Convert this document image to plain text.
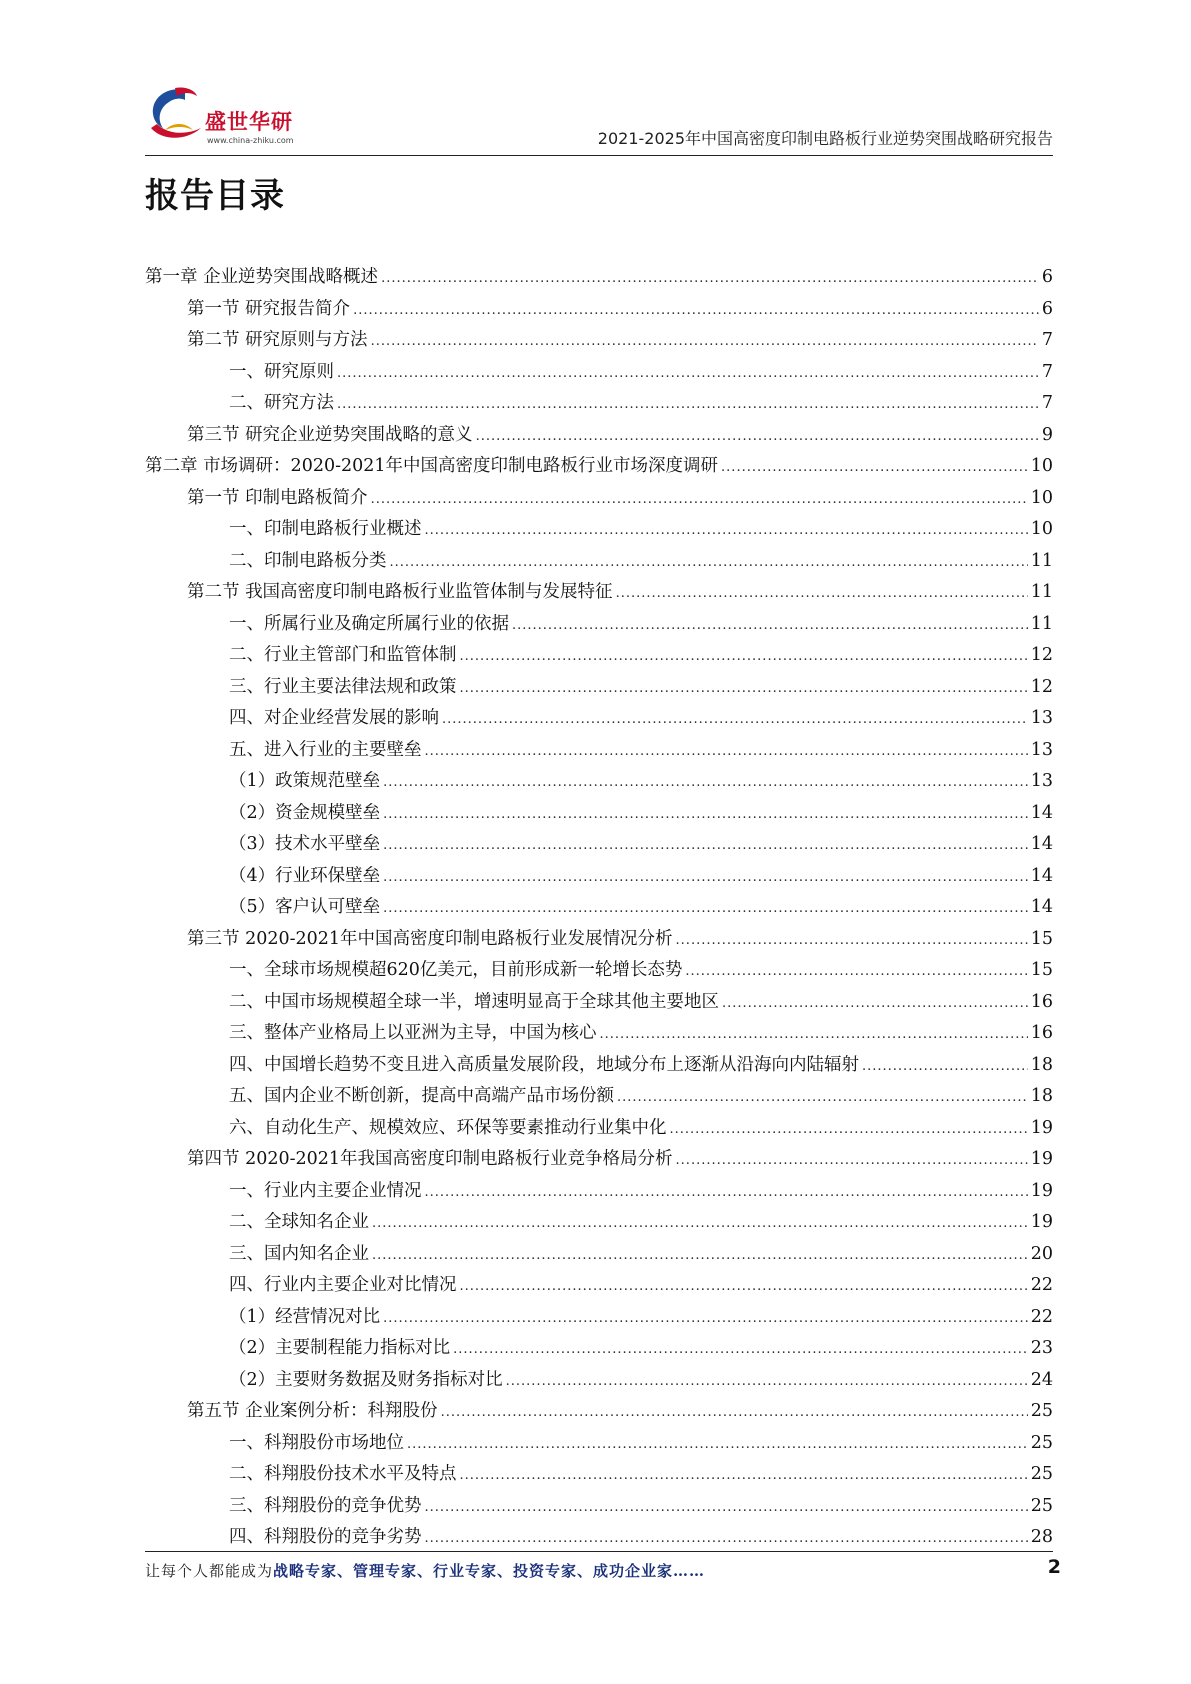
盛世华研
www.china-zhiku.com	2021-2025年中国高密度印制电路板行业逆势突围战略研究报告
报告目录
第一章 企业逆势突围战略概述 .....	6
第一节 研究报告简介 .....	6
第二节 研究原则与方法 .....	7
一、研究原则 .....	7
二、研究方法 .....	7
第三节 研究企业逆势突围战略的意义 .....	9
第二章 市场调研：2020-2021年中国高密度印制电路板行业市场深度调研 .....	10
第一节 印制电路板简介 .....	10
一、印制电路板行业概述 .....	10
二、印制电路板分类 .....	11
第二节 我国高密度印制电路板行业监管体制与发展特征 .....	11
一、所属行业及确定所属行业的依据 .....	11
二、行业主管部门和监管体制 .....	12
三、行业主要法律法规和政策 .....	12
四、对企业经营发展的影响 .....	13
五、进入行业的主要壁垒 .....	13
（1）政策规范壁垒 .....	13
（2）资金规模壁垒 .....	14
（3）技术水平壁垒 .....	14
（4）行业环保壁垒 .....	14
（5）客户认可壁垒 .....	14
第三节 2020-2021年中国高密度印制电路板行业发展情况分析 .....	15
一、全球市场规模超620亿美元，目前形成新一轮增长态势 .....	15
二、中国市场规模超全球一半，增速明显高于全球其他主要地区 .....	16
三、整体产业格局上以亚洲为主导，中国为核心 .....	16
四、中国增长趋势不变且进入高质量发展阶段，地域分布上逐渐从沿海向内陆辐射 .....	18
五、国内企业不断创新，提高中高端产品市场份额 .....	18
六、自动化生产、规模效应、环保等要素推动行业集中化 .....	19
第四节 2020-2021年我国高密度印制电路板行业竞争格局分析 .....	19
一、行业内主要企业情况 .....	19
二、全球知名企业 .....	19
三、国内知名企业 .....	20
四、行业内主要企业对比情况 .....	22
（1）经营情况对比 .....	22
（2）主要制程能力指标对比 .....	23
（2）主要财务数据及财务指标对比 .....	24
第五节 企业案例分析：科翔股份 .....	25
一、科翔股份市场地位 .....	25
二、科翔股份技术水平及特点 .....	25
三、科翔股份的竞争优势 .....	25
四、科翔股份的竞争劣势 .....	28
让每个人都能成为战略专家、管理专家、行业专家、投资专家、成功企业家……	2
